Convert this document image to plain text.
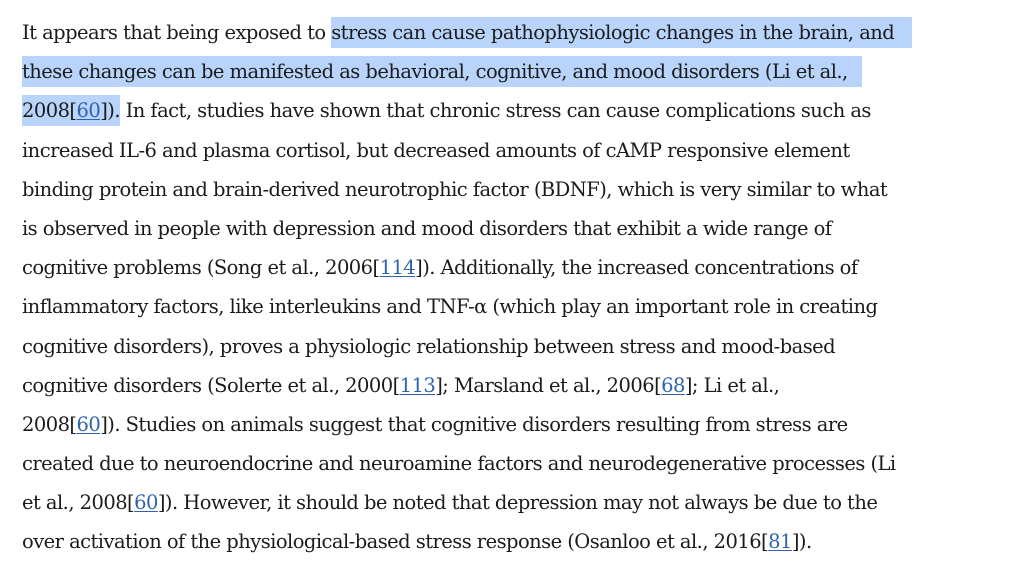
It appears that being exposed to stress can cause pathophysiologic changes in the brain, and
these changes can be manifested as behavioral, cognitive, and mood disorders (Li et al.,
2008[60]). In fact, studies have shown that chronic stress can cause complications such as
increased IL-6 and plasma cortisol, but decreased amounts of cAMP responsive element
binding protein and brain-derived neurotrophic factor (BDNF), which is very similar to what
is observed in people with depression and mood disorders that exhibit a wide range of
cognitive problems (Song et al., 2006[114]). Additionally, the increased concentrations of
inflammatory factors, like interleukins and TNF-α (which play an important role in creating
cognitive disorders), proves a physiologic relationship between stress and mood-based
cognitive disorders (Solerte et al., 2000[113]; Marsland et al., 2006[68]; Li et al.,
2008[60]). Studies on animals suggest that cognitive disorders resulting from stress are
created due to neuroendocrine and neuroamine factors and neurodegenerative processes (Li
et al., 2008[60]). However, it should be noted that depression may not always be due to the
over activation of the physiological-based stress response (Osanloo et al., 2016[81]).
